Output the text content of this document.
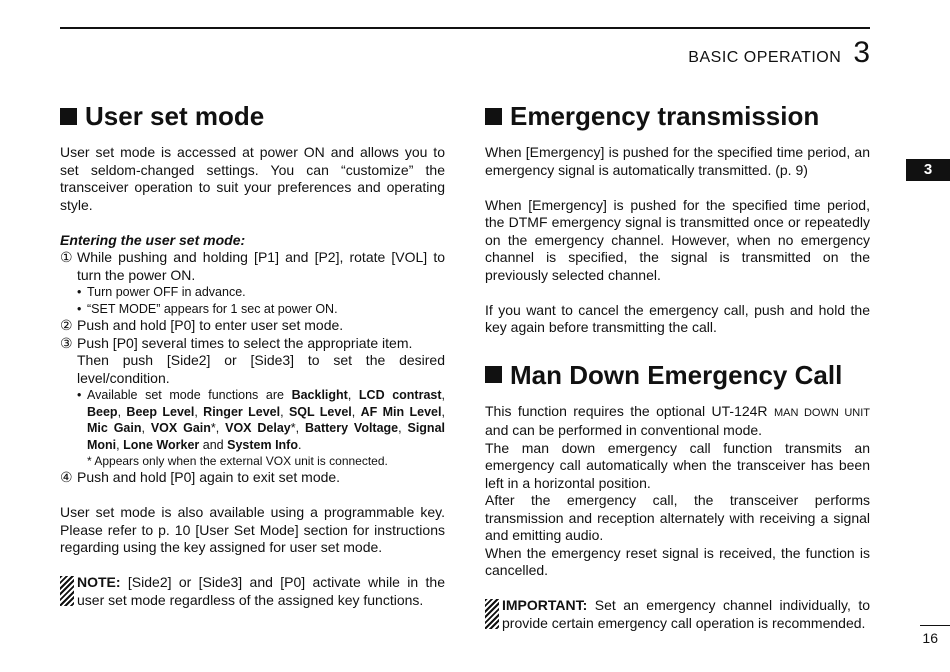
BASIC OPERATION 3
3
16
User set mode

User set mode is accessed at power ON and allows you to set seldom-changed settings. You can “customize” the transceiver operation to suit your preferences and operating style.

Entering the user set mode:
① While pushing and holding [P1] and [P2], rotate [VOL] to turn the power ON.
• Turn power OFF in advance.
• “SET MODE” appears for 1 sec at power ON.
② Push and hold [P0] to enter user set mode.
③ Push [P0] several times to select the appropriate item.
Then push [Side2] or [Side3] to set the desired level/condition.
• Available set mode functions are Backlight, LCD contrast, Beep, Beep Level, Ringer Level, SQL Level, AF Min Level, Mic Gain, VOX Gain*, VOX Delay*, Battery Voltage, Signal Moni, Lone Worker and System Info.
* Appears only when the external VOX unit is connected.
④ Push and hold [P0] again to exit set mode.

User set mode is also available using a programmable key. Please refer to p. 10 [User Set Mode] section for instructions regarding using the key assigned for user set mode.

NOTE: [Side2] or [Side3] and [P0] activate while in the user set mode regardless of the assigned key functions.
Emergency transmission

When [Emergency] is pushed for the specified time period, an emergency signal is automatically transmitted. (p. 9)

When [Emergency] is pushed for the specified time period, the DTMF emergency signal is transmitted once or repeatedly on the emergency channel. However, when no emergency channel is specified, the signal is transmitted on the previously selected channel.

If you want to cancel the emergency call, push and hold the key again before transmitting the call.

Man Down Emergency Call

This function requires the optional UT-124R MAN DOWN UNIT and can be performed in conventional mode.

The man down emergency call function transmits an emergency call automatically when the transceiver has been left in a horizontal position.

After the emergency call, the transceiver performs transmission and reception alternately with receiving a signal and emitting audio.

When the emergency reset signal is received, the function is cancelled.

IMPORTANT: Set an emergency channel individually, to provide certain emergency call operation is recommended.
